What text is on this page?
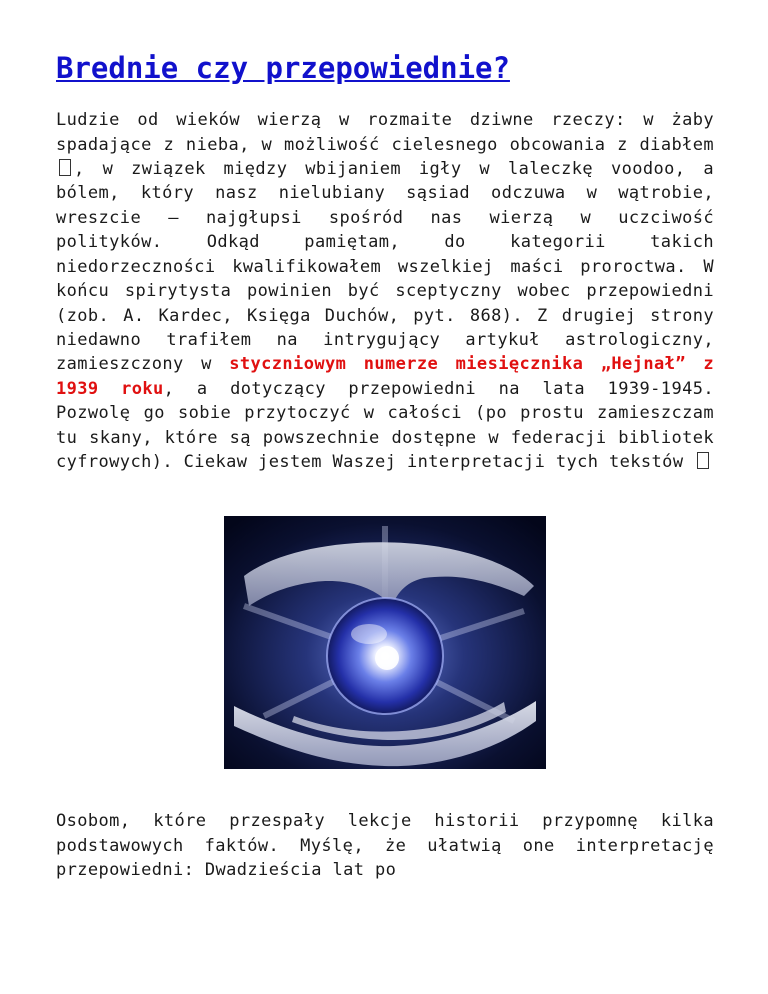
Brednie czy przepowiednie?

Ludzie od wieków wierzą w rozmaite dziwne rzeczy: w żaby spadające z nieba, w możliwość cielesnego obcowania z diabłem , w związek między wbijaniem igły w laleczkę voodoo, a bólem, który nasz nielubiany sąsiad odczuwa w wątrobie, wreszcie – najgłupsi spośród nas wierzą w uczciwość polityków. Odkąd pamiętam, do kategorii takich niedorzeczności kwalifikowałem wszelkiej maści proroctwa. W końcu spirytysta powinien być sceptyczny wobec przepowiedni (zob. A. Kardec, Księga Duchów, pyt. 868). Z drugiej strony niedawno trafiłem na intrygujący artykuł astrologiczny, zamieszczony w styczniowym numerze miesięcznika „Hejnał” z 1939 roku, a dotyczący przepowiedni na lata 1939-1945. Pozwolę go sobie przytoczyć w całości (po prostu zamieszczam tu skany, które są powszechnie dostępne w federacji bibliotek cyfrowych). Ciekaw jestem Waszej interpretacji tych tekstów

Osobom, które przespały lekcje historii przypomnę kilka podstawowych faktów. Myślę, że ułatwią one interpretację przepowiedni: Dwadzieścia lat po
